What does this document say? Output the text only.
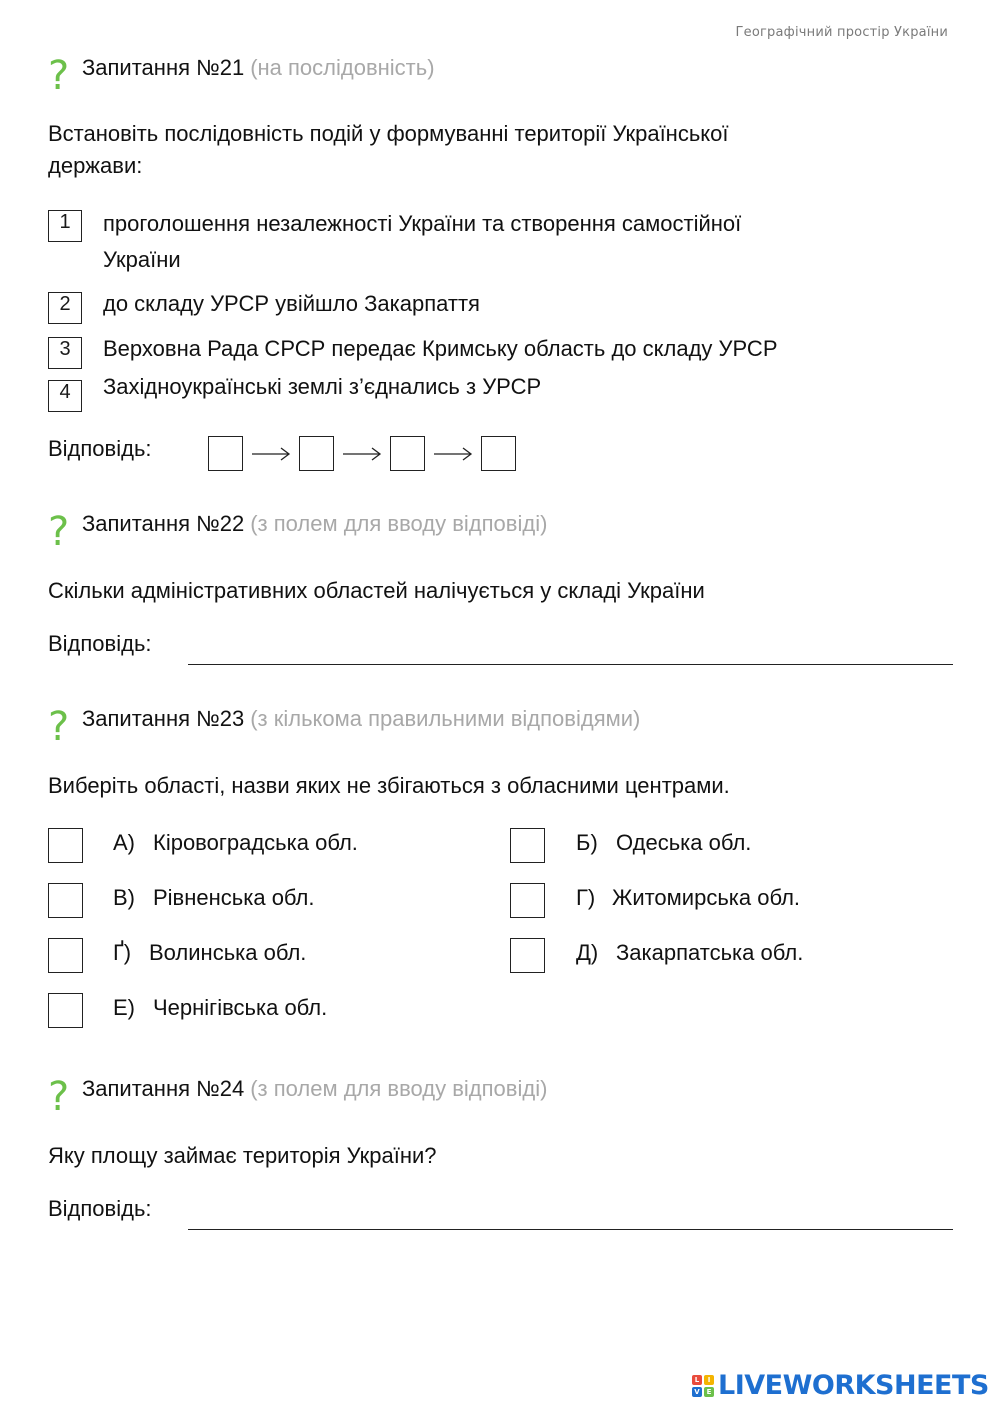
Географічний простір України
? Запитання №21 (на послідовність)
Встановіть послідовність подій у формуванні території Української держави:
1	проголошення незалежності України та створення самостійної України
2	до складу УРСР увійшло Закарпаття
3	Верховна Рада СРСР передає Кримську область до складу УРСР
4	Західноукраїнські землі з’єднались з УРСР
Відповідь:
? Запитання №22 (з полем для вводу відповіді)
Скільки адміністративних областей налічується у складі України
Відповідь:
? Запитання №23 (з кількома правильними відповідями)
Виберіть області, назви яких не збігаються з обласними центрами.
А) Кіровоградська обл.	Б) Одеська обл.
В) Рівненська обл.	Г) Житомирська обл.
Ґ) Волинська обл.	Д) Закарпатська обл.
Е) Чернігівська обл.
? Запитання №24 (з полем для вводу відповіді)
Яку площу займає територія України?
Відповідь:
L	I
V E LIVEWORKSHEETS
